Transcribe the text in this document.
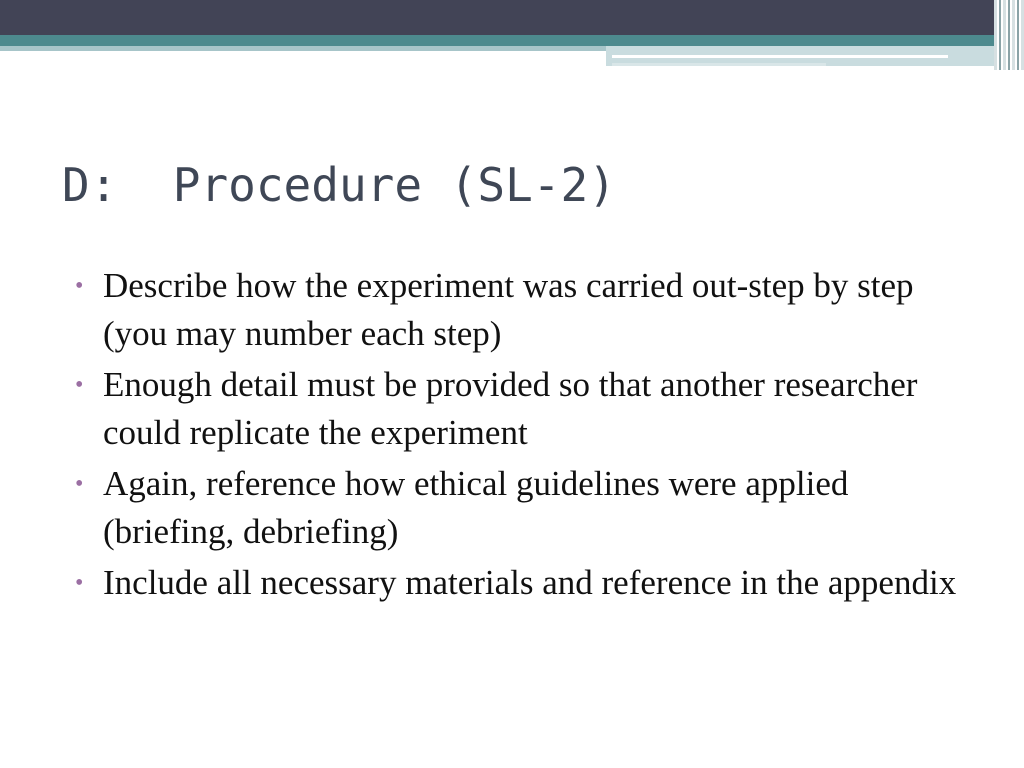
D:  Procedure (SL-2)
• Describe how the experiment was carried out-step by step (you may number each step)
• Enough detail must be provided so that another researcher could replicate the experiment
• Again, reference how ethical guidelines were applied (briefing, debriefing)
• Include all necessary materials and reference in the appendix
